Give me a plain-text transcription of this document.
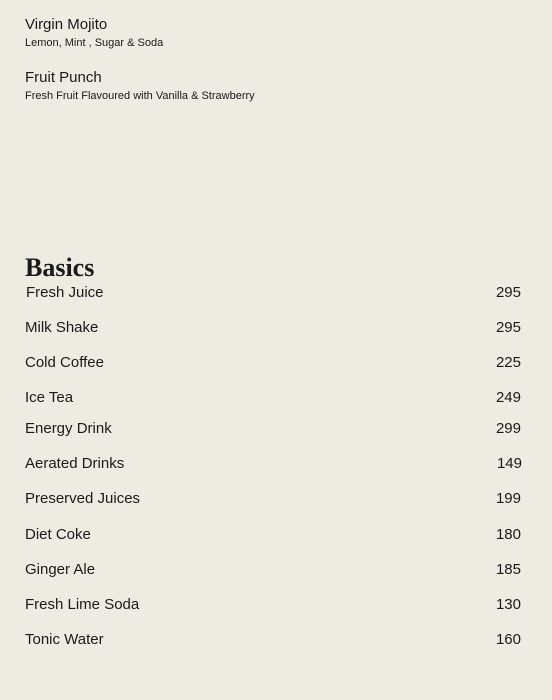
Virgin Mojito
Lemon, Mint , Sugar & Soda
Fruit Punch
Fresh Fruit Flavoured with Vanilla & Strawberry
Basics
Fresh Juice	295
Milk Shake	295
Cold Coffee	225
Ice Tea	249
Energy Drink	299
Aerated Drinks	149
Preserved Juices	199
Diet Coke	180
Ginger Ale	185
Fresh Lime Soda	130
Tonic Water	160
